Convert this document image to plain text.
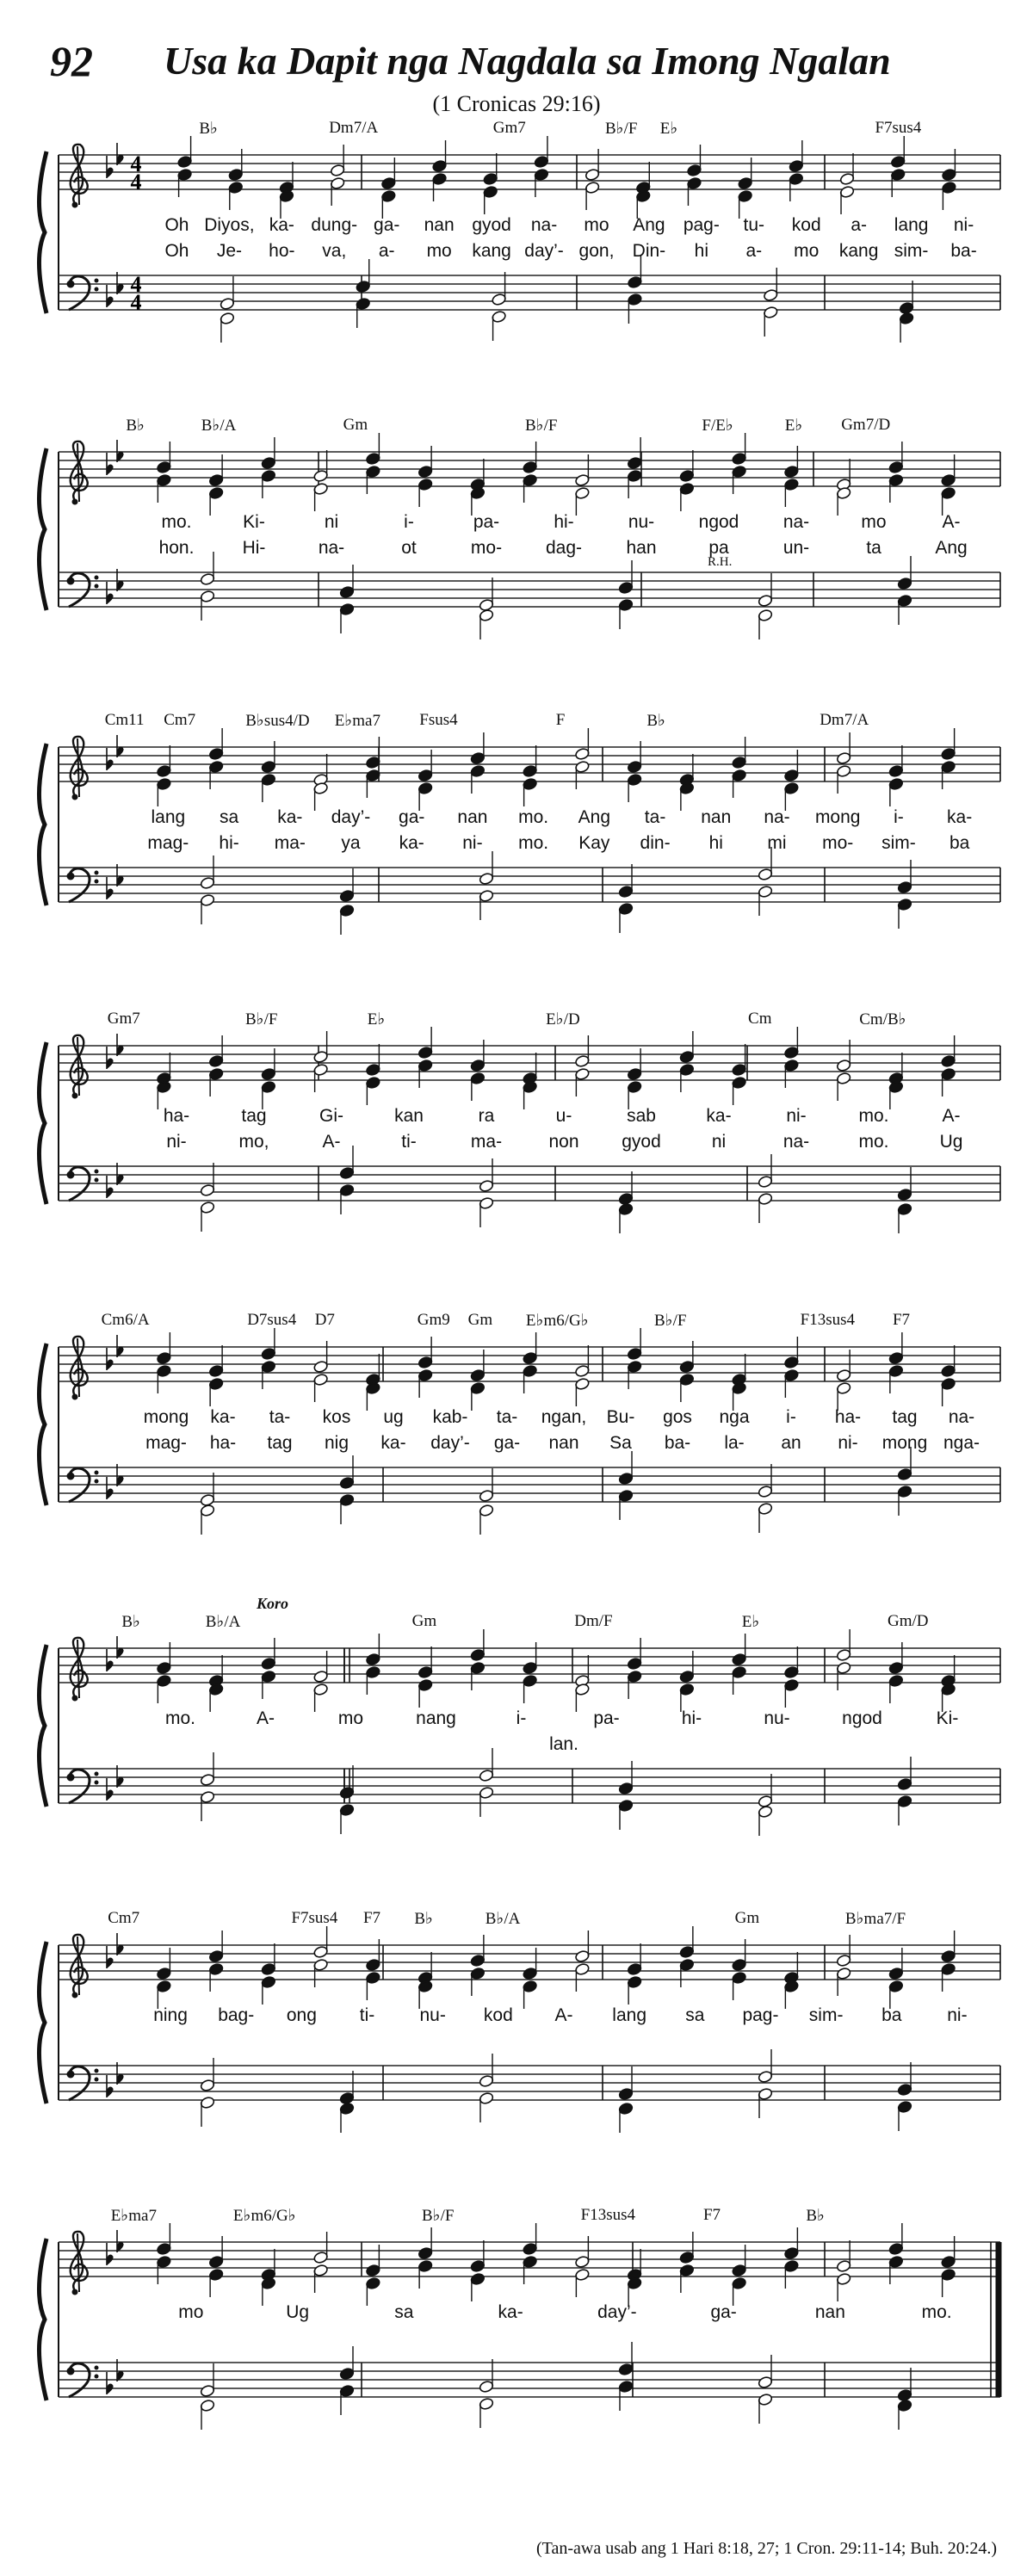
92 Usa ka Dapit nga Nagdala sa Imong Ngalan
(1 Cronicas 29:16)
4
4
4
4
B♭	Dm7/A	Gm7	B♭/F E♭	F7sus4
Oh Diyos, ka- dung- ga- nan gyod na- mo Ang pag- tu- kod a- lang ni-
Oh Je- ho- va, a- mo kang day’- gon, Din- hi a- mo kang sim- ba-
B♭	B♭/A	Gm	B♭/F	F/E♭	E♭ Gm7/D
mo.	Ki-	ni	i-	pa-	hi-	nu- ngod na-	mo	A-
hon.	Hi-	na-	ot	mo- dag- han	pa	un-	ta	Ang
R.H.
Cm11 Cm7	B♭sus4/D E♭ma7 Fsus4	F	B♭	Dm7/A
lang sa ka- day’- ga- nan mo. Ang ta- nan na- mong i- ka-
mag- hi- ma- ya ka- ni- mo. Kay din- hi mi mo- sim- ba
Gm7	B♭/F	E♭	E♭/D	Cm	Cm/B♭
ha-	tag	Gi-	kan	ra	u-	sab	ka-	ni-	mo.	A-
ni-	mo,	A-	ti-	ma-	non gyod	ni	na-	mo.	Ug
Cm6/A	D7sus4 D7	Gm9 Gm E♭m6/G♭	B♭/F	F13sus4 F7
mong ka- ta- kos ug kab- ta- ngan, Bu- gos nga i- ha- tag na-
mag- ha- tag nig ka- day’- ga- nan Sa ba- la- an ni- mong nga-
B♭	B♭/A	Gm	Dm/F	E♭	Gm/D
mo.	A-	mo	nang	i-	pa-	hi-	nu-	ngod	Ki-
lan.
Koro
Cm7	F7sus4 F7 B♭	B♭/A	Gm	B♭ma7/F
ning bag- ong ti- nu- kod A- lang sa pag- sim- ba	ni-
E♭ma7	E♭m6/G♭	B♭/F	F13sus4	F7	B♭
mo	Ug	sa	ka-	day’-	ga-	nan	mo.
(Tan-awa usab ang 1 Hari 8:18, 27; 1 Cron. 29:11-14; Buh. 20:24.)
